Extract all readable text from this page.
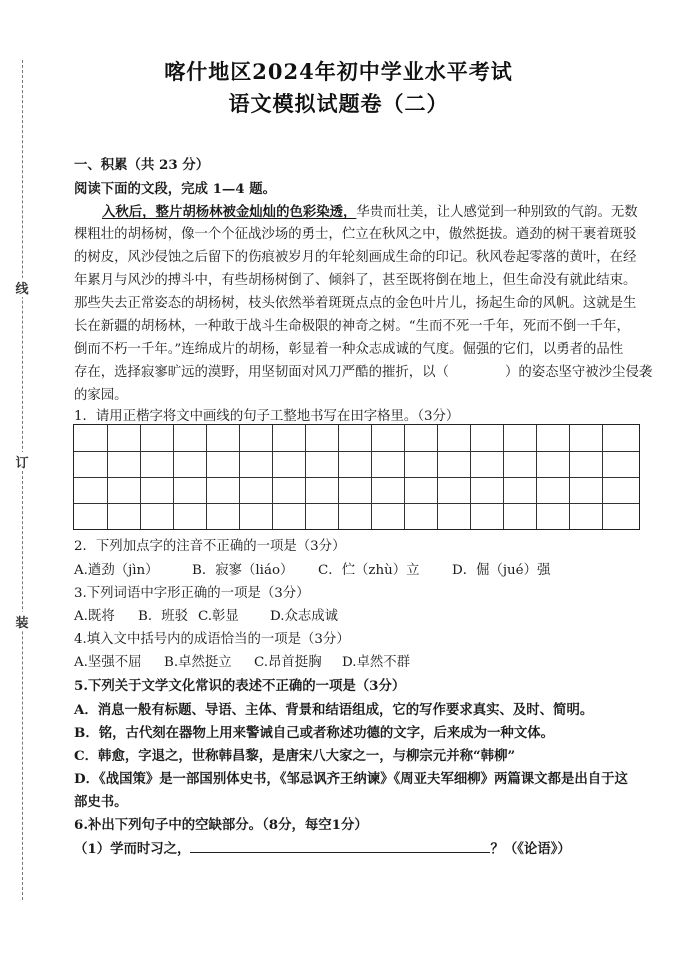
线
订
装
喀什地区2024年初中学业水平考试
语文模拟试题卷（二）
一、积累（共 23 分）
阅读下面的文段，完成 1—4 题。
入秋后，整片胡杨林被金灿灿的色彩染透，华贵而壮美，让人感觉到一种别致的气韵。无数
棵粗壮的胡杨树，像一个个征战沙场的勇士，伫立在秋风之中，傲然挺拔。遒劲的树干裹着斑驳
的树皮，风沙侵蚀之后留下的伤痕被岁月的年轮刻画成生命的印记。秋风卷起零落的黄叶，在经
年累月与风沙的搏斗中，有些胡杨树倒了、倾斜了，甚至既将倒在地上，但生命没有就此结束。
那些失去正常姿态的胡杨树，枝头依然举着斑斑点点的金色叶片儿，扬起生命的风帆。这就是生
长在新疆的胡杨林，一种敢于战斗生命极限的神奇之树。“生而不死一千年，死而不倒一千年，
倒而不朽一千年。”连绵成片的胡杨，彰显着一种众志成诚的气度。倔强的它们，以勇者的品性
存在，选择寂寥旷远的漠野，用坚韧面对风刀严酷的摧折，以（	）的姿态坚守被沙尘侵袭
的家园。
1．请用正楷字将文中画线的句子工整地书写在田字格里。（3分）
2．下列加点字的注音不正确的一项是（3分）
A.遒劲（jìn） B．寂寥（liáo） C．伫（zhù）立 D．倔（jué）强
3.下列词语中字形正确的一项是（3分）
A.既将 B．班驳 C.彰显 D.众志成诚
4.填入文中括号内的成语恰当的一项是（3分）
A.坚强不屈 B.卓然挺立 C.昂首挺胸 D.卓然不群
5.下列关于文学文化常识的表述不正确的一项是（3分）
A．消息一般有标题、导语、主体、背景和结语组成，它的写作要求真实、及时、简明。
B．铭，古代刻在器物上用来警诫自己或者称述功德的文字，后来成为一种文体。
C．韩愈，字退之，世称韩昌黎，是唐宋八大家之一，与柳宗元并称“韩柳”
D．《战国策》是一部国别体史书，《邹忌讽齐王纳谏》《周亚夫军细柳》两篇课文都是出自于这
部史书。
6.补出下列句子中的空缺部分。（8分，每空1分）
（1）学而时习之，	？（《论语》）
